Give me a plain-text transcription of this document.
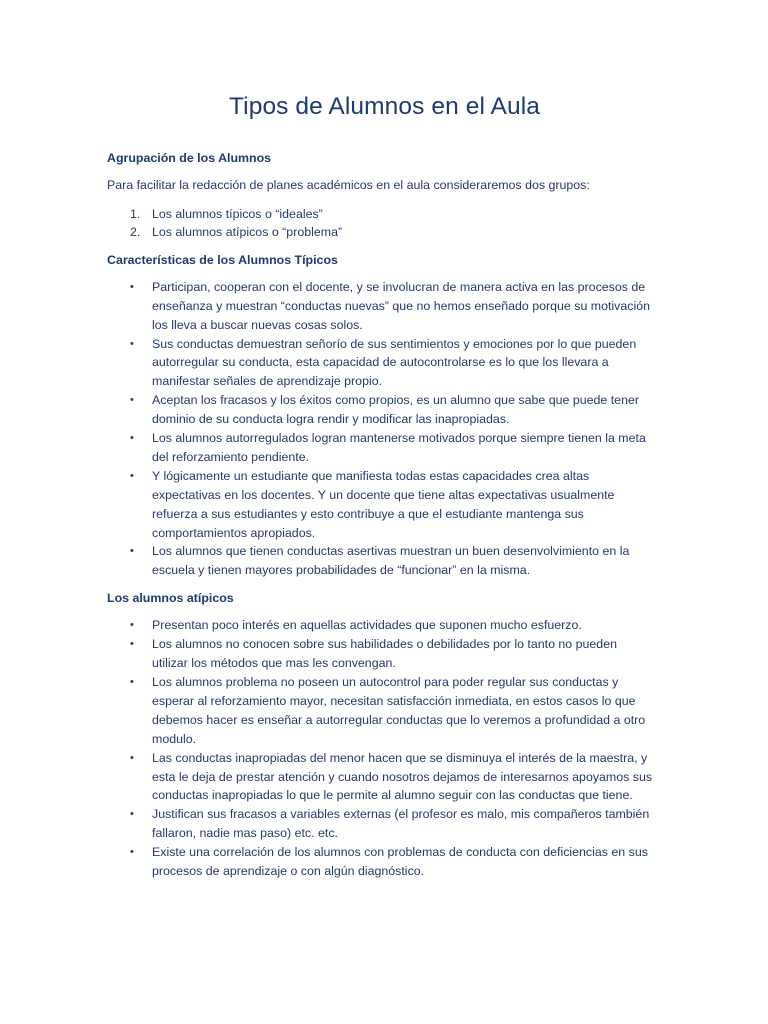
Tipos de Alumnos en el Aula
Agrupación de los Alumnos

Para facilitar la redacción de planes académicos en el aula consideraremos dos grupos:

1. Los alumnos típicos o “ideales”
2. Los alumnos atípicos o “problema”
Características de los Alumnos Típicos
• Participan, cooperan con el docente, y se involucran de manera activa en las procesos de
enseñanza y muestran “conductas nuevas” que no hemos enseñado porque su motivación
los lleva a buscar nuevas cosas solos.
• Sus conductas demuestran señorío de sus sentimientos y emociones por lo que pueden
autorregular su conducta, esta capacidad de autocontrolarse es lo que los llevara a
manifestar señales de aprendizaje propio.
• Aceptan los fracasos y los éxitos como propios, es un alumno que sabe que puede tener
dominio de su conducta logra rendir y modificar las inapropiadas.
• Los alumnos autorregulados logran mantenerse motivados porque siempre tienen la meta
del reforzamiento pendiente.
• Y lógicamente un estudiante que manifiesta todas estas capacidades crea altas
expectativas en los docentes. Y un docente que tiene altas expectativas usualmente
refuerza a sus estudiantes y esto contribuye a que el estudiante mantenga sus
comportamientos apropiados.
• Los alumnos que tienen conductas asertivas muestran un buen desenvolvimiento en la
escuela y tienen mayores probabilidades de “funcionar” en la misma.
Los alumnos atípicos
• Presentan poco interés en aquellas actividades que suponen mucho esfuerzo.
• Los alumnos no conocen sobre sus habilidades o debilidades por lo tanto no pueden
utilizar los métodos que mas les convengan.
• Los alumnos problema no poseen un autocontrol para poder regular sus conductas y
esperar al reforzamiento mayor, necesitan satisfacción inmediata, en estos casos lo que
debemos hacer es enseñar a autorregular conductas que lo veremos a profundidad a otro
modulo.
• Las conductas inapropiadas del menor hacen que se disminuya el interés de la maestra, y
esta le deja de prestar atención y cuando nosotros dejamos de interesarnos apoyamos sus
conductas inapropiadas lo que le permite al alumno seguir con las conductas que tiene.
• Justifican sus fracasos a variables externas (el profesor es malo, mis compañeros también
fallaron, nadie mas paso) etc. etc.
• Existe una correlación de los alumnos con problemas de conducta con deficiencias en sus
procesos de aprendizaje o con algún diagnóstico.
